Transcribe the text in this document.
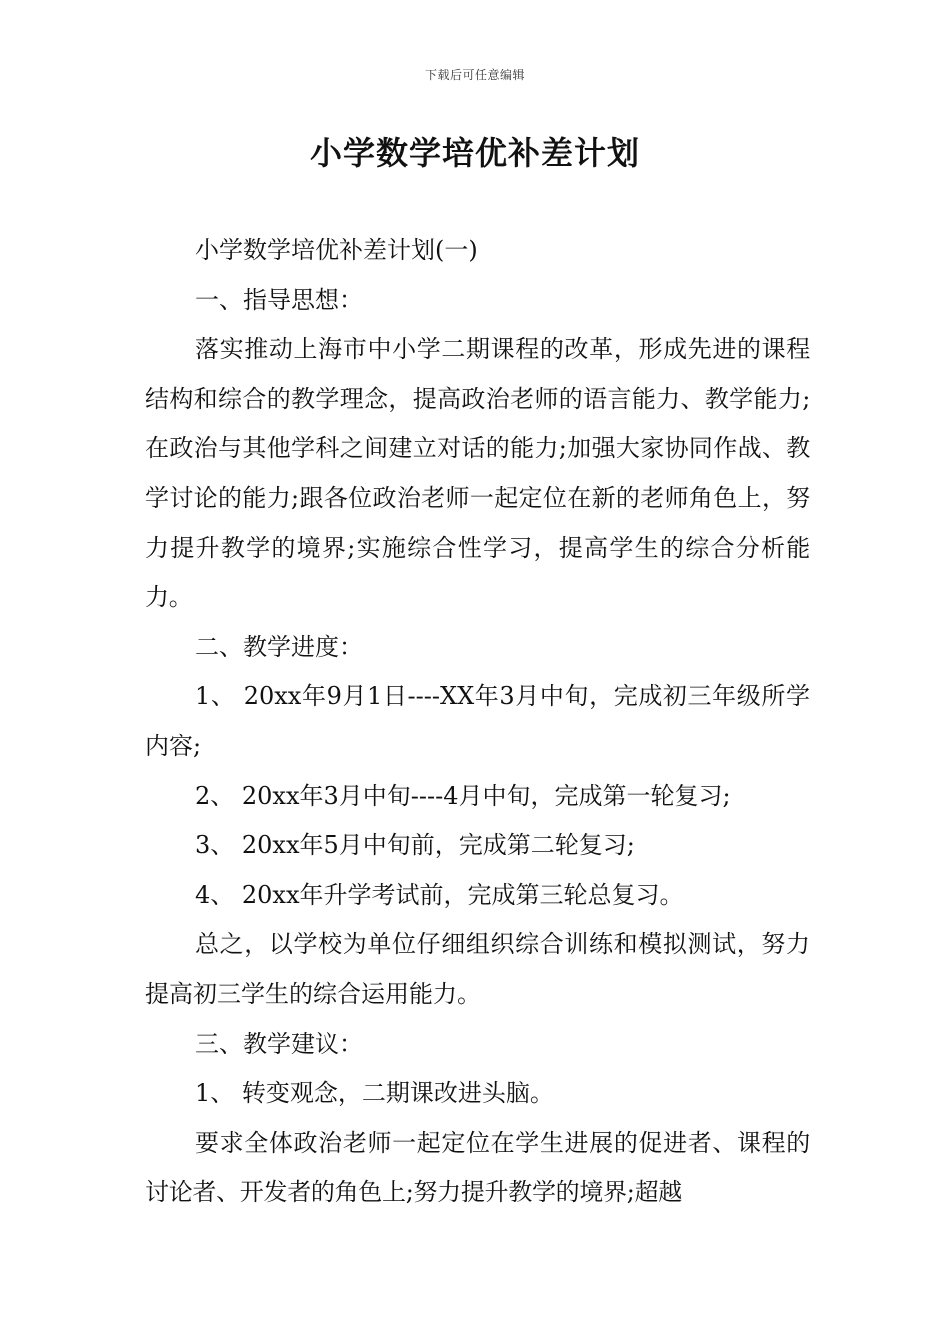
下载后可任意编辑
小学数学培优补差计划

小学数学培优补差计划(一)

一、指导思想：

落实推动上海市中小学二期课程的改革，形成先进的课程结构和综合的教学理念，提高政治老师的语言能力、教学能力;在政治与其他学科之间建立对话的能力;加强大家协同作战、教学讨论的能力;跟各位政治老师一起定位在新的老师角色上，努力提升教学的境界;实施综合性学习，提高学生的综合分析能力。

二、教学进度：

1、 20xx年9月1日----XX年3月中旬，完成初三年级所学内容;

2、 20xx年3月中旬----4月中旬，完成第一轮复习;

3、 20xx年5月中旬前，完成第二轮复习;

4、 20xx年升学考试前，完成第三轮总复习。

总之，以学校为单位仔细组织综合训练和模拟测试，努力提高初三学生的综合运用能力。

三、教学建议：

1、 转变观念，二期课改进头脑。

要求全体政治老师一起定位在学生进展的促进者、课程的讨论者、开发者的角色上;努力提升教学的境界;超越
